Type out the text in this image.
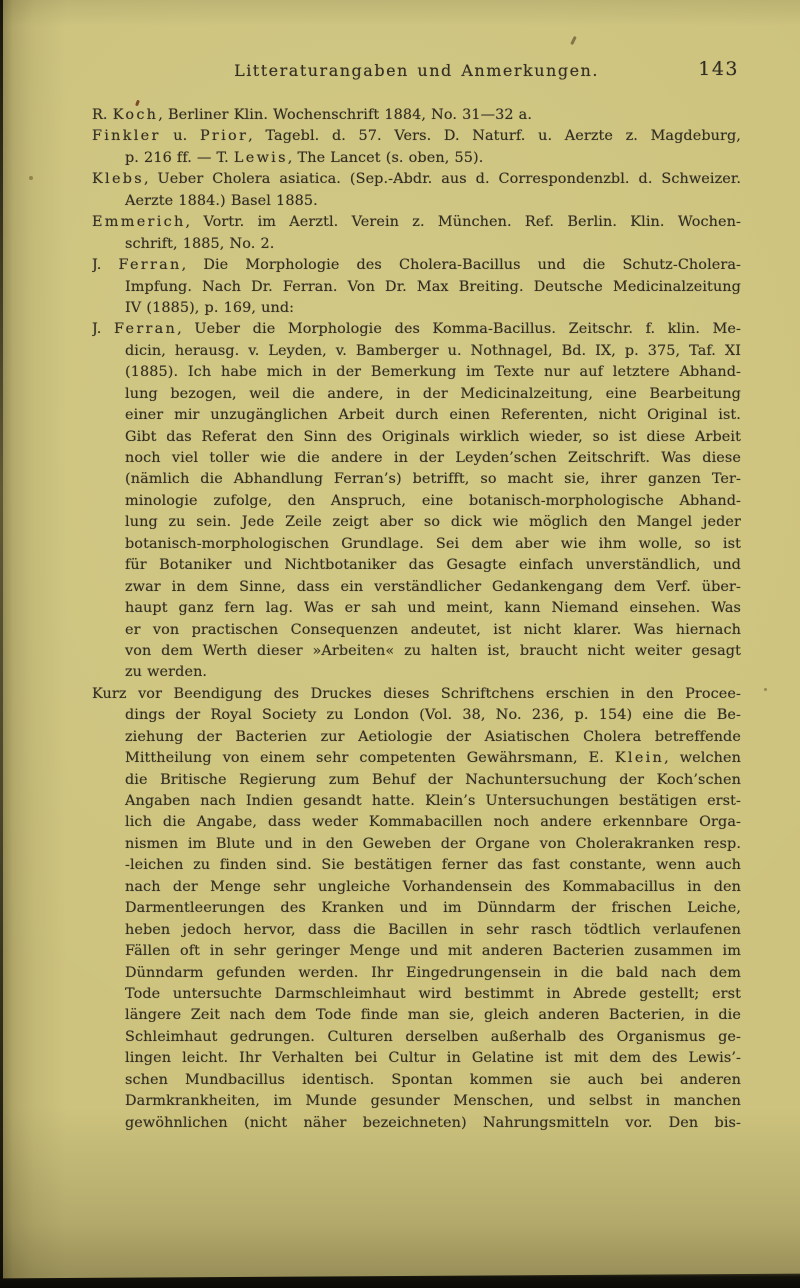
Litteraturangaben und Anmerkungen.	143
R. Koch, Berliner Klin. Wochenschrift 1884, No. 31—32 a.
Finkler u. Prior, Tagebl. d. 57. Vers. D. Naturf. u. Aerzte z. Magdeburg,
p. 216 ff. — T. Lewis, The Lancet (s. oben, 55).
Klebs, Ueber Cholera asiatica. (Sep.-Abdr. aus d. Correspondenzbl. d. Schweizer.
Aerzte 1884.) Basel 1885.
Emmerich, Vortr. im Aerztl. Verein z. München. Ref. Berlin. Klin. Wochen-
schrift, 1885, No. 2.
J. Ferran, Die Morphologie des Cholera-Bacillus und die Schutz-Cholera-
Impfung. Nach Dr. Ferran. Von Dr. Max Breiting. Deutsche Medicinalzeitung
IV (1885), p. 169, und:
J. Ferran, Ueber die Morphologie des Komma-Bacillus. Zeitschr. f. klin. Me-
dicin, herausg. v. Leyden, v. Bamberger u. Nothnagel, Bd. IX, p. 375, Taf. XI
(1885). Ich habe mich in der Bemerkung im Texte nur auf letztere Abhand-
lung bezogen, weil die andere, in der Medicinalzeitung, eine Bearbeitung
einer mir unzugänglichen Arbeit durch einen Referenten, nicht Original ist.
Gibt das Referat den Sinn des Originals wirklich wieder, so ist diese Arbeit
noch viel toller wie die andere in der Leyden’schen Zeitschrift. Was diese
(nämlich die Abhandlung Ferran’s) betrifft, so macht sie, ihrer ganzen Ter-
minologie zufolge, den Anspruch, eine botanisch-morphologische Abhand-
lung zu sein. Jede Zeile zeigt aber so dick wie möglich den Mangel jeder
botanisch-morphologischen Grundlage. Sei dem aber wie ihm wolle, so ist
für Botaniker und Nichtbotaniker das Gesagte einfach unverständlich, und
zwar in dem Sinne, dass ein verständlicher Gedankengang dem Verf. über-
haupt ganz fern lag. Was er sah und meint, kann Niemand einsehen. Was
er von practischen Consequenzen andeutet, ist nicht klarer. Was hiernach
von dem Werth dieser »Arbeiten« zu halten ist, braucht nicht weiter gesagt
zu werden.
Kurz vor Beendigung des Druckes dieses Schriftchens erschien in den Procee-
dings der Royal Society zu London (Vol. 38, No. 236, p. 154) eine die Be-
ziehung der Bacterien zur Aetiologie der Asiatischen Cholera betreffende
Mittheilung von einem sehr competenten Gewährsmann, E. Klein, welchen
die Britische Regierung zum Behuf der Nachuntersuchung der Koch’schen
Angaben nach Indien gesandt hatte. Klein’s Untersuchungen bestätigen erst-
lich die Angabe, dass weder Kommabacillen noch andere erkennbare Orga-
nismen im Blute und in den Geweben der Organe von Cholerakranken resp.
-leichen zu finden sind. Sie bestätigen ferner das fast constante, wenn auch
nach der Menge sehr ungleiche Vorhandensein des Kommabacillus in den
Darmentleerungen des Kranken und im Dünndarm der frischen Leiche,
heben jedoch hervor, dass die Bacillen in sehr rasch tödtlich verlaufenen
Fällen oft in sehr geringer Menge und mit anderen Bacterien zusammen im
Dünndarm gefunden werden. Ihr Eingedrungensein in die bald nach dem
Tode untersuchte Darmschleimhaut wird bestimmt in Abrede gestellt; erst
längere Zeit nach dem Tode finde man sie, gleich anderen Bacterien, in die
Schleimhaut gedrungen. Culturen derselben außerhalb des Organismus ge-
lingen leicht. Ihr Verhalten bei Cultur in Gelatine ist mit dem des Lewis’-
schen Mundbacillus identisch. Spontan kommen sie auch bei anderen
Darmkrankheiten, im Munde gesunder Menschen, und selbst in manchen
gewöhnlichen (nicht näher bezeichneten) Nahrungsmitteln vor. Den bis-
